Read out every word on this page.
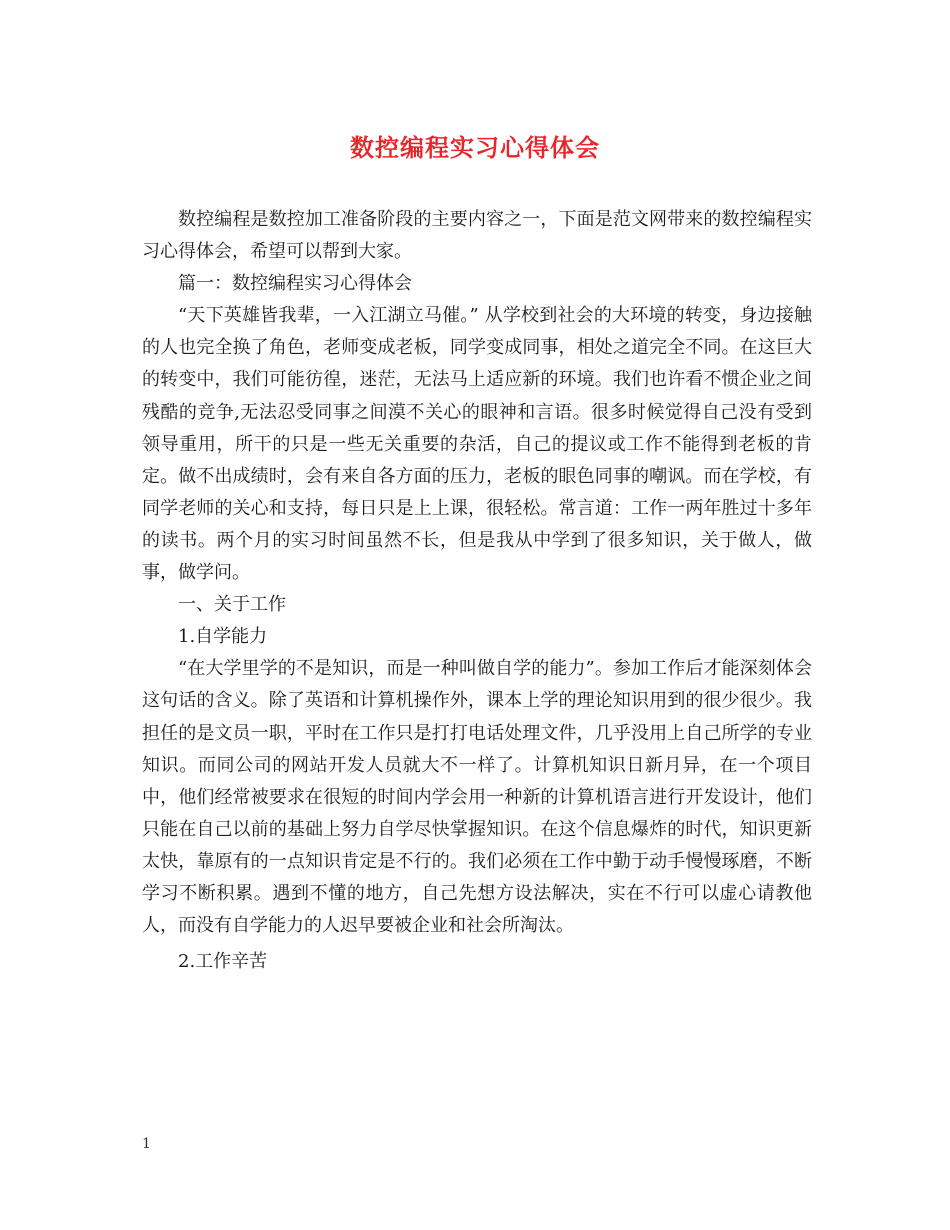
数控编程实习心得体会

数控编程是数控加工准备阶段的主要内容之一，下面是范文网带来的数控编程实习心得体会，希望可以帮到大家。

篇一：数控编程实习心得体会

“天下英雄皆我辈，一入江湖立马催。” 从学校到社会的大环境的转变，身边接触的人也完全换了角色，老师变成老板，同学变成同事，相处之道完全不同。在这巨大的转变中，我们可能彷徨，迷茫，无法马上适应新的环境。我们也许看不惯企业之间残酷的竞争,无法忍受同事之间漠不关心的眼神和言语。很多时候觉得自己没有受到领导重用，所干的只是一些无关重要的杂活，自己的提议或工作不能得到老板的肯定。做不出成绩时，会有来自各方面的压力，老板的眼色同事的嘲讽。而在学校，有同学老师的关心和支持，每日只是上上课，很轻松。常言道：工作一两年胜过十多年的读书。两个月的实习时间虽然不长，但是我从中学到了很多知识，关于做人，做事，做学问。

一、关于工作

1.自学能力

“在大学里学的不是知识，而是一种叫做自学的能力”。参加工作后才能深刻体会这句话的含义。除了英语和计算机操作外，课本上学的理论知识用到的很少很少。我担任的是文员一职，平时在工作只是打打电话处理文件，几乎没用上自己所学的专业知识。而同公司的网站开发人员就大不一样了。计算机知识日新月异，在一个项目中，他们经常被要求在很短的时间内学会用一种新的计算机语言进行开发设计，他们只能在自己以前的基础上努力自学尽快掌握知识。在这个信息爆炸的时代，知识更新太快，靠原有的一点知识肯定是不行的。我们必须在工作中勤于动手慢慢琢磨，不断学习不断积累。遇到不懂的地方，自己先想方设法解决，实在不行可以虚心请教他人，而没有自学能力的人迟早要被企业和社会所淘汰。

2.工作辛苦

1
